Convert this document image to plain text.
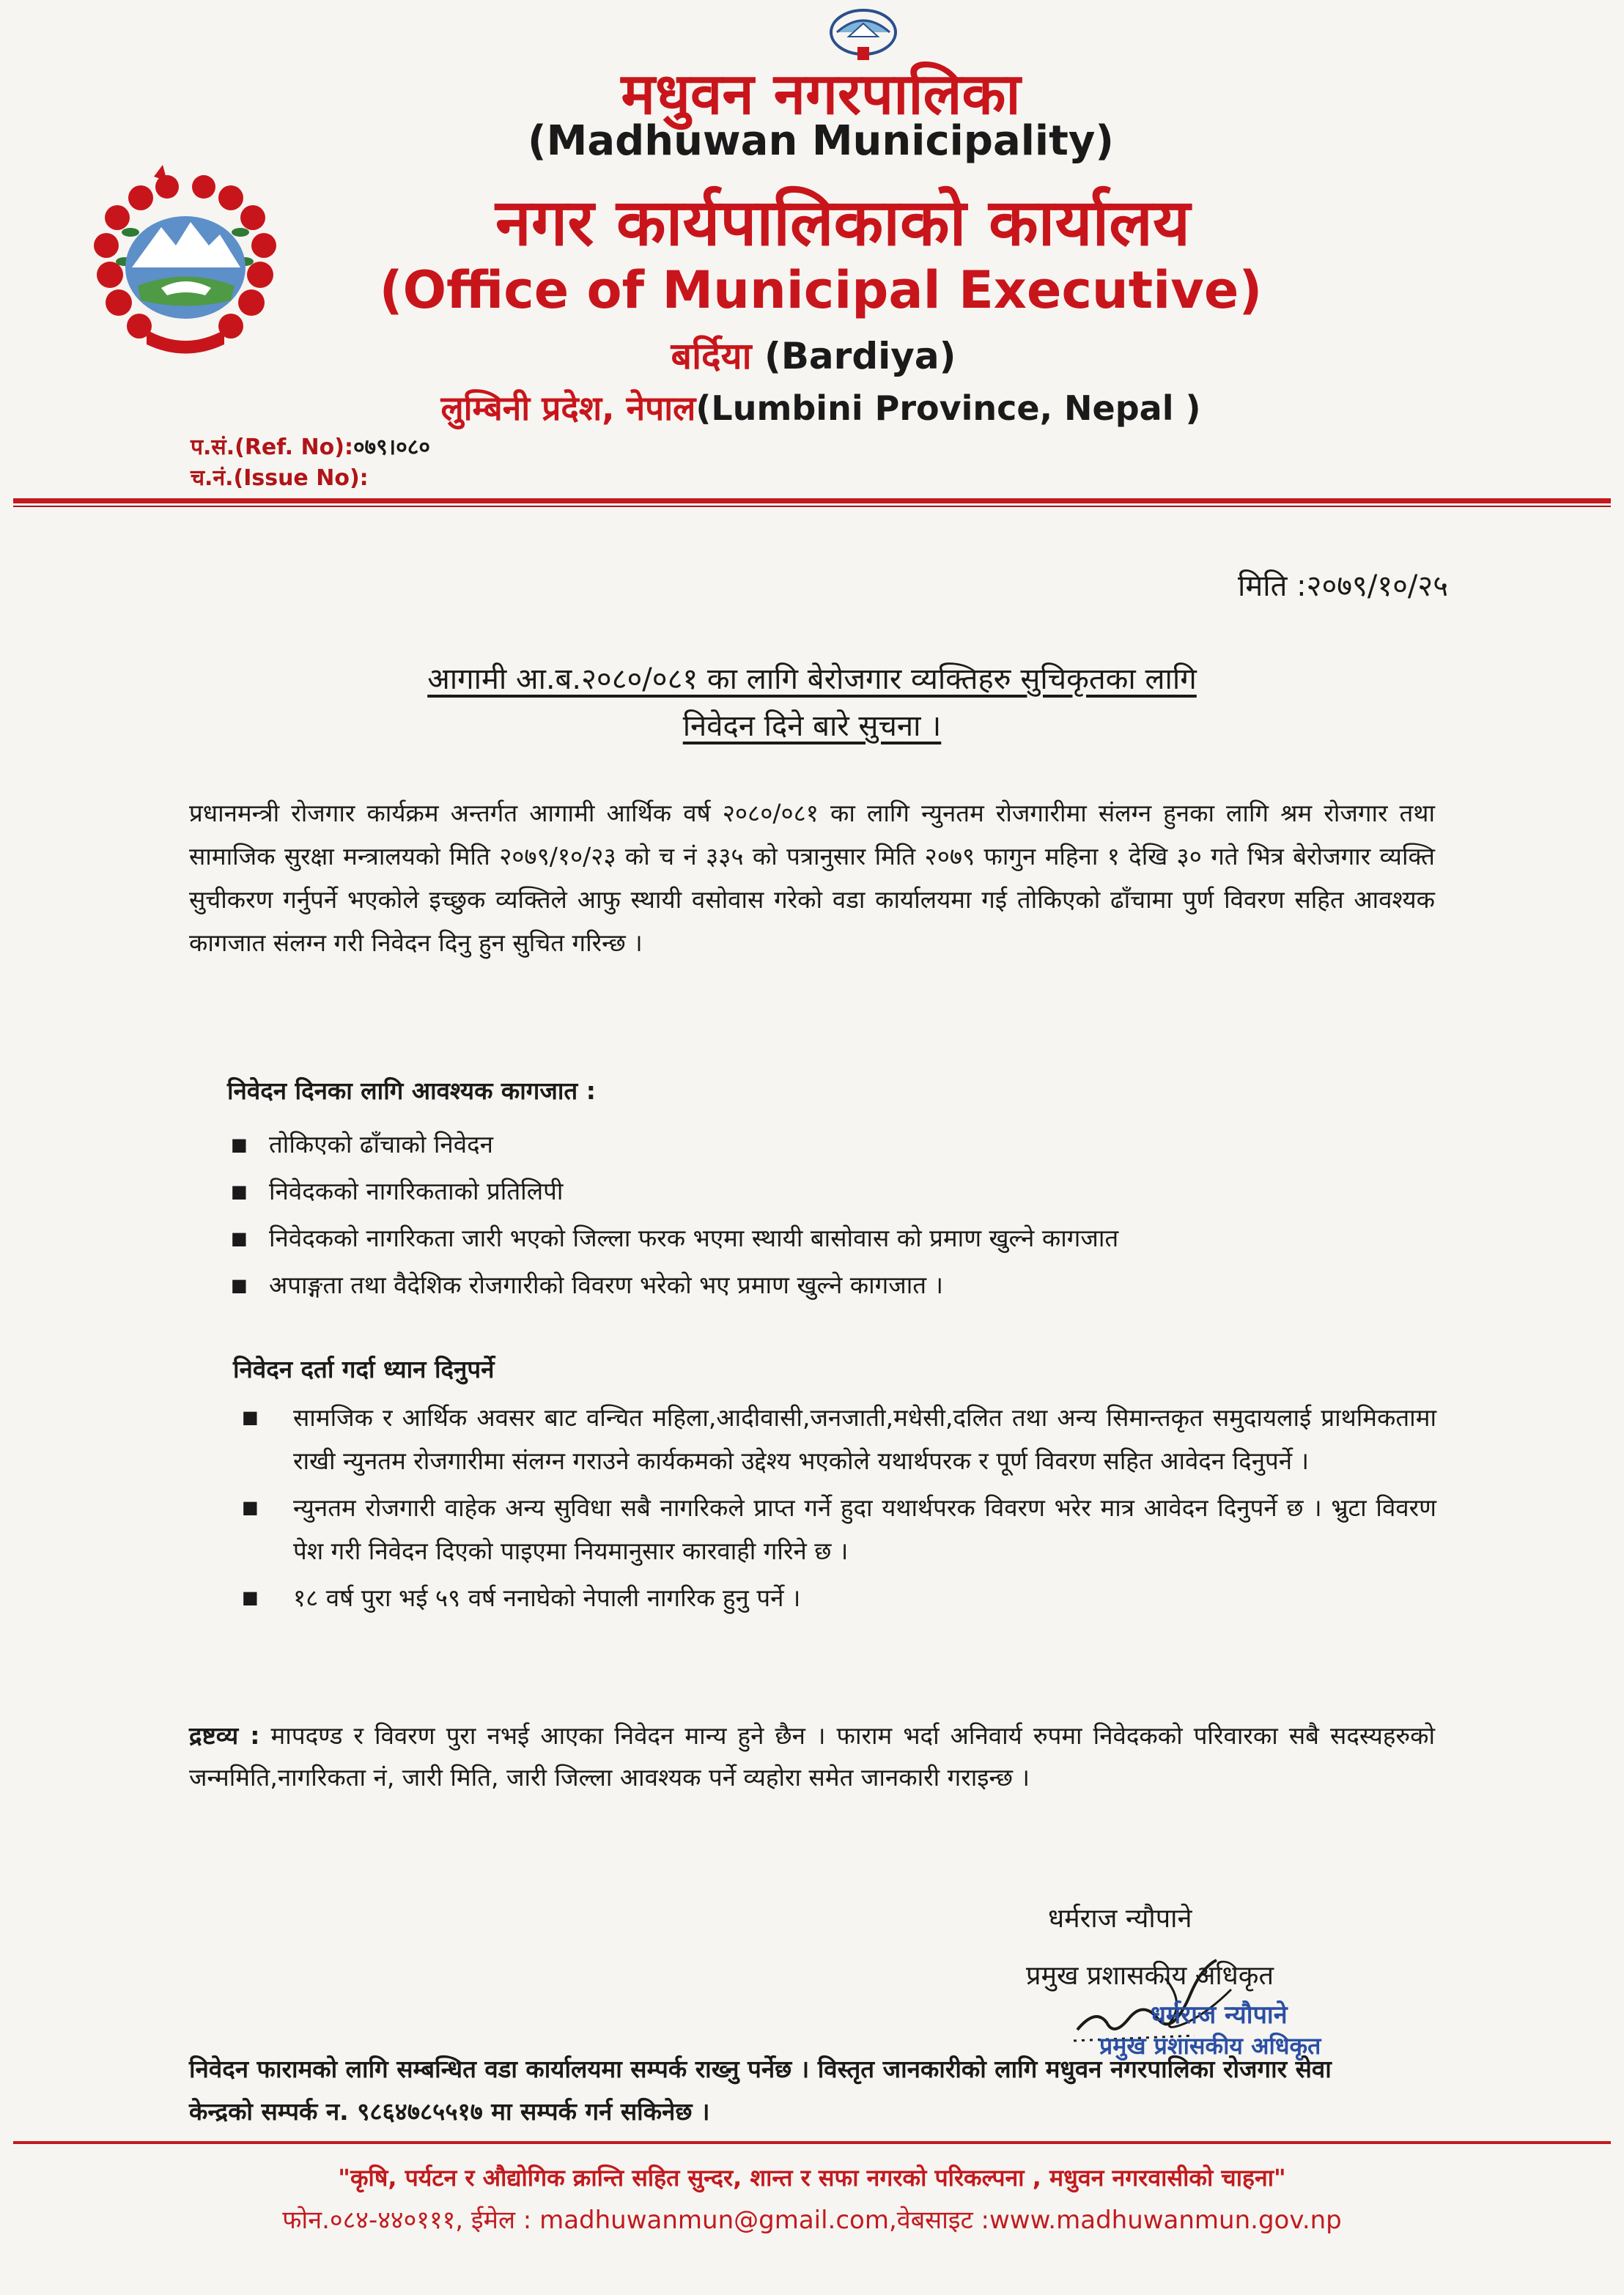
मधुवन नगरपालिका
(Madhuwan Municipality)
नगर कार्यपालिकाको कार्यालय
(Office of Municipal Executive)
बर्दिया (Bardiya)
लुम्बिनी प्रदेश, नेपाल(Lumbini Province, Nepal )
प.सं.(Ref. No):०७९।०८०
च.नं.(Issue No):
मिति :२०७९/१०/२५
आगामी आ.ब.२०८०/०८१ का लागि बेरोजगार व्यक्तिहरु सुचिकृतका लागि
निवेदन दिने बारे सुचना ।
प्रधानमन्त्री रोजगार कार्यक्रम अन्तर्गत आगामी आर्थिक वर्ष २०८०/०८१ का लागि न्युनतम रोजगारीमा संलग्न हुनका लागि श्रम रोजगार तथा सामाजिक सुरक्षा मन्त्रालयको मिति २०७९/१०/२३ को च नं ३३५ को पत्रानुसार मिति २०७९ फागुन महिना १ देखि ३० गते भित्र बेरोजगार व्यक्ति सुचीकरण गर्नुपर्ने भएकोले इच्छुक व्यक्तिले आफु स्थायी वसोवास गरेको वडा कार्यालयमा गई तोकिएको ढाँचामा पुर्ण विवरण सहित आवश्यक कागजात संलग्न गरी निवेदन दिनु हुन सुचित गरिन्छ ।
निवेदन दिनका लागि आवश्यक कागजात :
■ तोकिएको ढाँचाको निवेदन
■ निवेदकको नागरिकताको प्रतिलिपी
■ निवेदकको नागरिकता जारी भएको जिल्ला फरक भएमा स्थायी बासोवास को प्रमाण खुल्ने कागजात
■ अपाङ्गता तथा वैदेशिक रोजगारीको विवरण भरेको भए प्रमाण खुल्ने कागजात ।
निवेदन दर्ता गर्दा ध्यान दिनुपर्ने
■ सामजिक र आर्थिक अवसर बाट वन्चित महिला,आदीवासी,जनजाती,मधेसी,दलित तथा अन्य सिमान्तकृत समुदायलाई प्राथमिकतामा राखी न्युनतम रोजगारीमा संलग्न गराउने कार्यकमको उद्देश्य भएकोले यथार्थपरक र पूर्ण विवरण सहित आवेदन दिनुपर्ने ।
■ न्युनतम रोजगारी वाहेक अन्य सुविधा सबै नागरिकले प्राप्त गर्ने हुदा यथार्थपरक विवरण भरेर मात्र आवेदन दिनुपर्ने छ । भ्रुटा विवरण पेश गरी निवेदन दिएको पाइएमा नियमानुसार कारवाही गरिने छ ।
■ १८ वर्ष पुरा भई ५९ वर्ष ननाघेको नेपाली नागरिक हुनु पर्ने ।
द्रष्टव्य : मापदण्ड र विवरण पुरा नभई आएका निवेदन मान्य हुने छैन । फाराम भर्दा अनिवार्य रुपमा निवेदकको परिवारका सबै सदस्यहरुको जन्ममिति,नागरिकता नं, जारी मिति, जारी जिल्ला आवश्यक पर्ने व्यहोरा समेत जानकारी गराइन्छ ।
धर्मराज न्यौपाने
प्रमुख प्रशासकीय अधिकृत
धर्मराज न्यौपाने
प्रमुख प्रशासकीय अधिकृत
निवेदन फारामको लागि सम्बन्धित वडा कार्यालयमा सम्पर्क राख्नु पर्नेछ । विस्तृत जानकारीको लागि मधुवन नगरपालिका रोजगार सेवा केन्द्रको सम्पर्क न. ९८६४७८५५१७ मा सम्पर्क गर्न सकिनेछ ।
"कृषि, पर्यटन र औद्योगिक क्रान्ति सहित सुन्दर, शान्त र सफा नगरको परिकल्पना , मधुवन नगरवासीको चाहना"
फोन.०८४-४४०१११, ईमेल : madhuwanmun@gmail.com,वेबसाइट :www.madhuwanmun.gov.np
